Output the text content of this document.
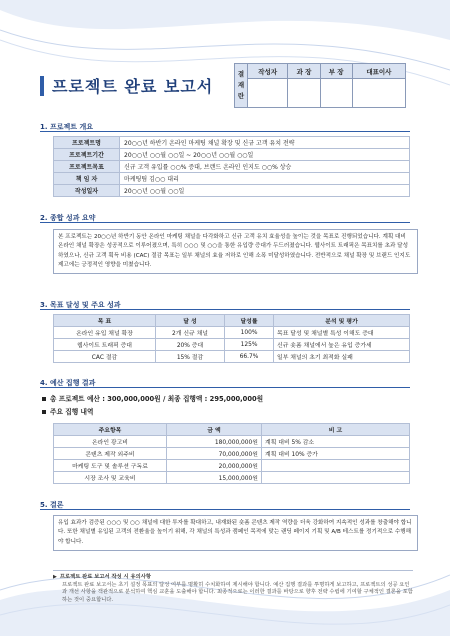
프로젝트 완료 보고서
결
재
란	작성자	과 장	부 장	대표이사

1. 프로젝트 개요
프로젝트명	20○○년 하반기 온라인 마케팅 채널 확장 및 신규 고객 유치 전략
프로젝트기간	20○○년 ○○월 ○○일 ~ 20○○년 ○○월 ○○일
프로젝트목표	신규 고객 유입률 ○○% 증대, 브랜드 온라인 인지도 ○○% 상승
책 임 자	마케팅팀 김○○ 대리
작성일자	20○○년 ○○월 ○○일
2. 종합 성과 요약
본 프로젝트는 20○○년 하반기 동안 온라인 마케팅 채널을 다각화하고 신규 고객 유치 효율성을 높이는 것을 목표로 진행되었습니다. 계획 대비 온라인 채널 확장은 성공적으로 이루어졌으며, 특히 ○○○ 및 ○○을 통한 유입량 증대가 두드러졌습니다. 웹사이트 트래픽은 목표치를 초과 달성하였으나, 신규 고객 획득 비용 (CAC) 절감 목표는 일부 채널의 효율 저하로 인해 소폭 미달성하였습니다. 전반적으로 채널 확장 및 브랜드 인지도 제고에는 긍정적인 영향을 미쳤습니다.
3. 목표 달성 및 주요 성과
목 표	달 성	달성률	분석 및 평가
온라인 유입 채널 확장	2개 신규 채널	100%	목표 달성 및 채널별 특성 이해도 증대
웹사이트 트래픽 증대	20% 증대	125%	신규 숏폼 채널에서 높은 유입 증가세
CAC 절감	15% 절감	66.7%	일부 채널의 초기 최적화 실패
4. 예산 집행 결과
총 프로젝트 예산 : 300,000,000원 / 최종 집행액 : 295,000,000원
주요 집행 내역
주요항목	금 액	비 고
온라인 광고비	180,000,000원	계획 대비 5% 감소
콘텐츠 제작 외주비	70,000,000원	계획 대비 10% 증가
마케팅 도구 및 솔루션 구독료	20,000,000원	
시장 조사 및 교육비	15,000,000원	
5. 결론
유입 효과가 검증된 ○○○ 및 ○○ 채널에 대한 투자를 확대하고, 내재화된 숏폼 콘텐츠 제작 역량을 더욱 강화하여 지속적인 성과를 창출해야 합니다. 또한 채널별 유입된 고객의 전환율을 높이기 위해, 각 채널의 특성과 캠페인 목적에 맞는 랜딩 페이지 기획 및 A/B 테스트를 정기적으로 수행해야 합니다.
▶ 프로젝트 완료 보고서 작성 시 유의사항
프로젝트 완료 보고서는 초기 설정 목표의 달성 여부를 명확히 수치화하여 제시해야 합니다. 예산 집행 결과를 투명하게 보고하고, 프로젝트의 성공 요인과 개선 사항을 객관적으로 분석하여 핵심 교훈을 도출해야 합니다. 최종적으로는 이러한 결과를 바탕으로 향후 전략 수립에 기여할 구체적인 결론을 포함하는 것이 중요합니다.
